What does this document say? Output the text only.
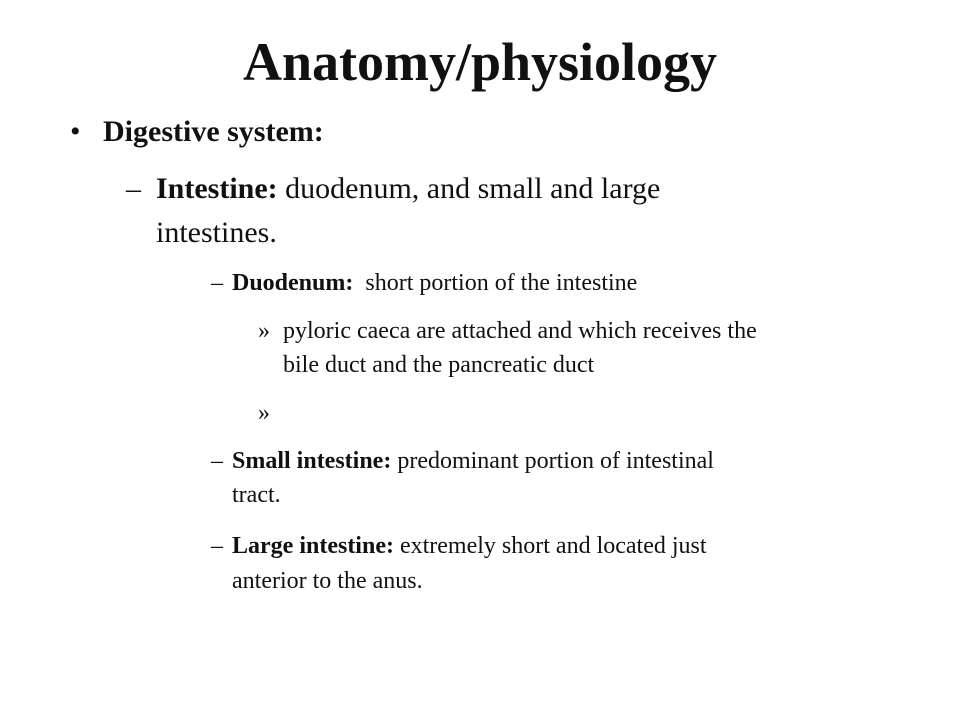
Anatomy/physiology
• Digestive system:
– Intestine: duodenum, and small and large
intestines.
– Duodenum: short portion of the intestine
» pyloric caeca are attached and which receives the
bile duct and the pancreatic duct
»
– Small intestine: predominant portion of intestinal
tract.
– Large intestine: extremely short and located just
anterior to the anus.
